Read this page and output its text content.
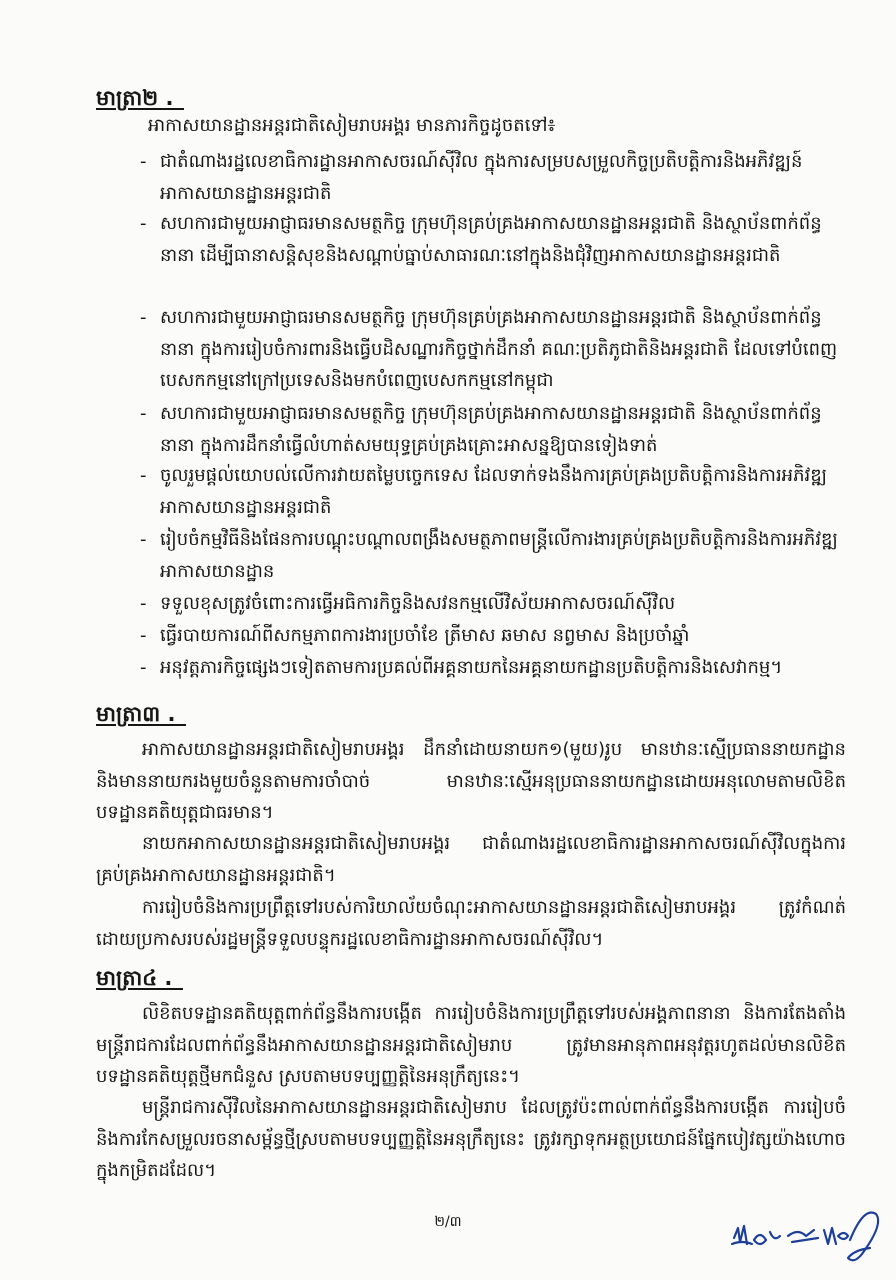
មាត្រា២ ._
អាកាសយានដ្ឋានអន្តរជាតិសៀមរាបអង្គរ មានភារកិច្ចដូចតទៅ៖
- ជាតំណាងរដ្ឋលេខាធិការដ្ឋានអាកាសចរណ៍ស៊ីវិល ក្នុងការសម្របសម្រួលកិច្ចប្រតិបត្តិការនិងអភិវឌ្ឍន៍អាកាសយានដ្ឋានអន្តរជាតិ
- សហការជាមួយអាជ្ញាធរមានសមត្ថកិច្ច ក្រុមហ៊ុនគ្រប់គ្រងអាកាសយានដ្ឋានអន្តរជាតិ និងស្ថាប័នពាក់ព័ន្ធនានា ដើម្បីធានាសន្តិសុខនិងសណ្តាប់ធ្នាប់សាធារណៈនៅក្នុងនិងជុំវិញអាកាសយានដ្ឋានអន្តរជាតិ
- សហការជាមួយអាជ្ញាធរមានសមត្ថកិច្ច ក្រុមហ៊ុនគ្រប់គ្រងអាកាសយានដ្ឋានអន្តរជាតិ និងស្ថាប័នពាក់ព័ន្ធនានា ក្នុងការរៀបចំការពារនិងធ្វើបដិសណ្ឋារកិច្ចថ្នាក់ដឹកនាំ គណៈប្រតិភូជាតិនិងអន្តរជាតិ ដែលទៅបំពេញបេសកកម្មនៅក្រៅប្រទេសនិងមកបំពេញបេសកកម្មនៅកម្ពុជា
- សហការជាមួយអាជ្ញាធរមានសមត្ថកិច្ច ក្រុមហ៊ុនគ្រប់គ្រងអាកាសយានដ្ឋានអន្តរជាតិ និងស្ថាប័នពាក់ព័ន្ធនានា ក្នុងការដឹកនាំធ្វើលំហាត់សមយុទ្ធគ្រប់គ្រងគ្រោះអាសន្នឱ្យបានទៀងទាត់
- ចូលរួមផ្តល់យោបល់លើការវាយតម្លៃបច្ចេកទេស ដែលទាក់ទងនឹងការគ្រប់គ្រងប្រតិបត្តិការនិងការអភិវឌ្ឍអាកាសយានដ្ឋានអន្តរជាតិ
- រៀបចំកម្មវិធីនិងផែនការបណ្តុះបណ្តាលពង្រឹងសមត្ថភាពមន្ត្រីលើការងារគ្រប់គ្រងប្រតិបត្តិការនិងការអភិវឌ្ឍអាកាសយានដ្ឋាន
- ទទួលខុសត្រូវចំពោះការធ្វើអធិការកិច្ចនិងសវនកម្មលើវិស័យអាកាសចរណ៍ស៊ីវិល
- ធ្វើរបាយការណ៍ពីសកម្មភាពការងារប្រចាំខែ ត្រីមាស ឆមាស នព្វមាស និងប្រចាំឆ្នាំ
- អនុវត្តភារកិច្ចផ្សេងៗទៀតតាមការប្រគល់ពីអគ្គនាយកនៃអគ្គនាយកដ្ឋានប្រតិបត្តិការនិងសេវាកម្ម។
មាត្រា៣ ._
អាកាសយានដ្ឋានអន្តរជាតិសៀមរាបអង្គរ ដឹកនាំដោយនាយក១(មួយ)រូប មានឋានៈស្មើប្រធាននាយកដ្ឋាន និងមាននាយករងមួយចំនួនតាមការចាំបាច់ មានឋានៈស្មើអនុប្រធាននាយកដ្ឋានដោយអនុលោមតាមលិខិតបទដ្ឋានគតិយុត្តជាធរមាន។
នាយកអាកាសយានដ្ឋានអន្តរជាតិសៀមរាបអង្គរ ជាតំណាងរដ្ឋលេខាធិការដ្ឋានអាកាសចរណ៍ស៊ីវិលក្នុងការគ្រប់គ្រងអាកាសយានដ្ឋានអន្តរជាតិ។
ការរៀបចំនិងការប្រព្រឹត្តទៅរបស់ការិយាល័យចំណុះអាកាសយានដ្ឋានអន្តរជាតិសៀមរាបអង្គរ ត្រូវកំណត់ដោយប្រកាសរបស់រដ្ឋមន្ត្រីទទួលបន្ទុករដ្ឋលេខាធិការដ្ឋានអាកាសចរណ៍ស៊ីវិល។
មាត្រា៤ ._
លិខិតបទដ្ឋានគតិយុត្តពាក់ព័ន្ធនឹងការបង្កើត ការរៀបចំនិងការប្រព្រឹត្តទៅរបស់អង្គភាពនានា និងការតែងតាំងមន្ត្រីរាជការដែលពាក់ព័ន្ធនឹងអាកាសយានដ្ឋានអន្តរជាតិសៀមរាប ត្រូវមានអានុភាពអនុវត្តរហូតដល់មានលិខិតបទដ្ឋានគតិយុត្តថ្មីមកជំនួស ស្របតាមបទប្បញ្ញត្តិនៃអនុក្រឹត្យនេះ។
មន្ត្រីរាជការស៊ីវិលនៃអាកាសយានដ្ឋានអន្តរជាតិសៀមរាប ដែលត្រូវប៉ះពាល់ពាក់ព័ន្ធនឹងការបង្កើត ការរៀបចំនិងការកែសម្រួលរចនាសម្ព័ន្ធថ្មីស្របតាមបទប្បញ្ញត្តិនៃអនុក្រឹត្យនេះ ត្រូវរក្សាទុកអត្ថប្រយោជន៍ផ្នែកបៀវត្សយ៉ាងហោចក្នុងកម្រិតដដែល។
២/៣
